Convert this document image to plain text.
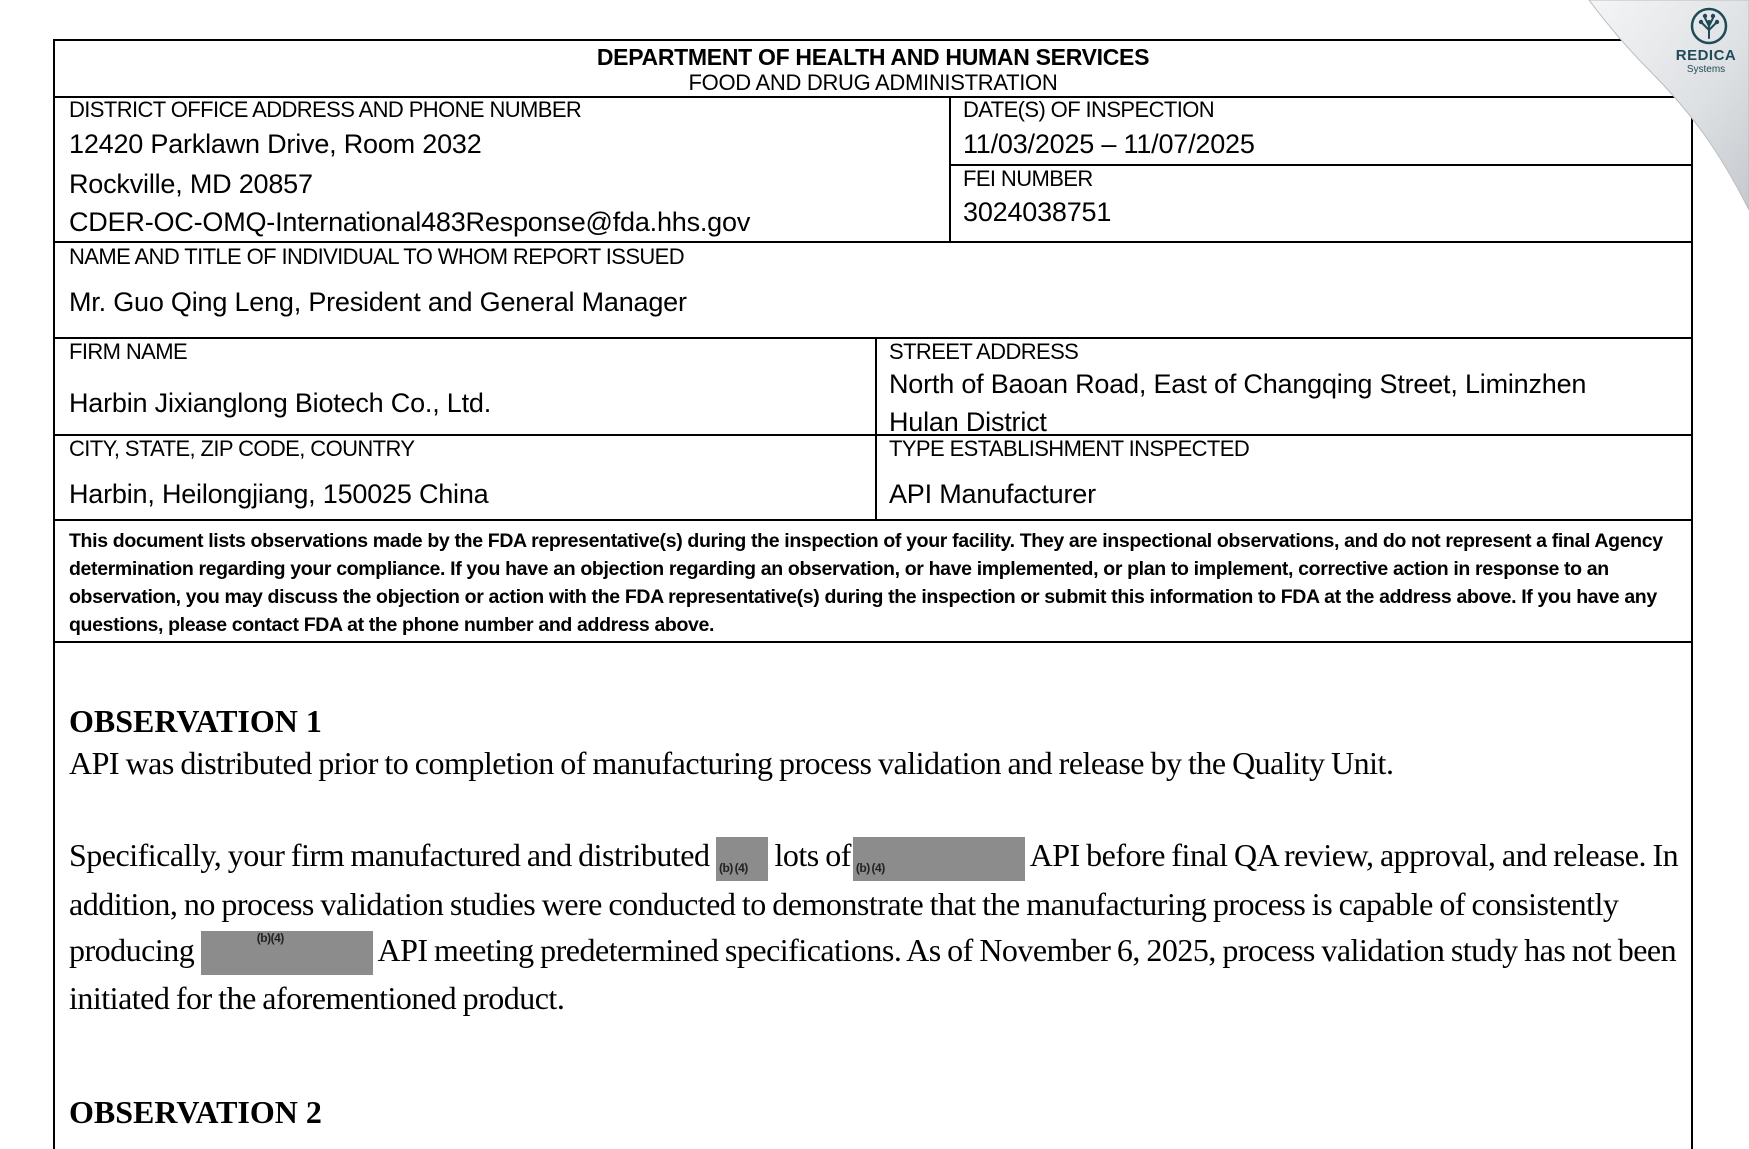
DEPARTMENT OF HEALTH AND HUMAN SERVICES
FOOD AND DRUG ADMINISTRATION
DISTRICT OFFICE ADDRESS AND PHONE NUMBER
12420 Parklawn Drive, Room 2032
Rockville, MD 20857
CDER-OC-OMQ-International483Response@fda.hhs.gov
DATE(S) OF INSPECTION
11/03/2025 – 11/07/2025
FEI NUMBER
3024038751
NAME AND TITLE OF INDIVIDUAL TO WHOM REPORT ISSUED
Mr. Guo Qing Leng, President and General Manager
FIRM NAME
Harbin Jixianglong Biotech Co., Ltd.
STREET ADDRESS
North of Baoan Road, East of Changqing Street, Liminzhen
Hulan District
CITY, STATE, ZIP CODE, COUNTRY
Harbin, Heilongjiang, 150025 China
TYPE ESTABLISHMENT INSPECTED
API Manufacturer
This document lists observations made by the FDA representative(s) during the inspection of your facility. They are inspectional observations, and do not represent a final Agency determination regarding your compliance. If you have an objection regarding an observation, or have implemented, or plan to implement, corrective action in response to an observation, you may discuss the objection or action with the FDA representative(s) during the inspection or submit this information to FDA at the address above. If you have any questions, please contact FDA at the phone number and address above.
OBSERVATION 1
API was distributed prior to completion of manufacturing process validation and release by the Quality Unit.
Specifically, your firm manufactured and distributed (b) (4) lots of (b) (4)	API before final QA review, approval, and release. In addition, no process validation studies were conducted to demonstrate that the manufacturing process is capable of consistently producing	(b)(4)	API meeting predetermined specifications. As of November 6, 2025, process validation study has not been initiated for the aforementioned product.
OBSERVATION 2
REDICA
Systems
